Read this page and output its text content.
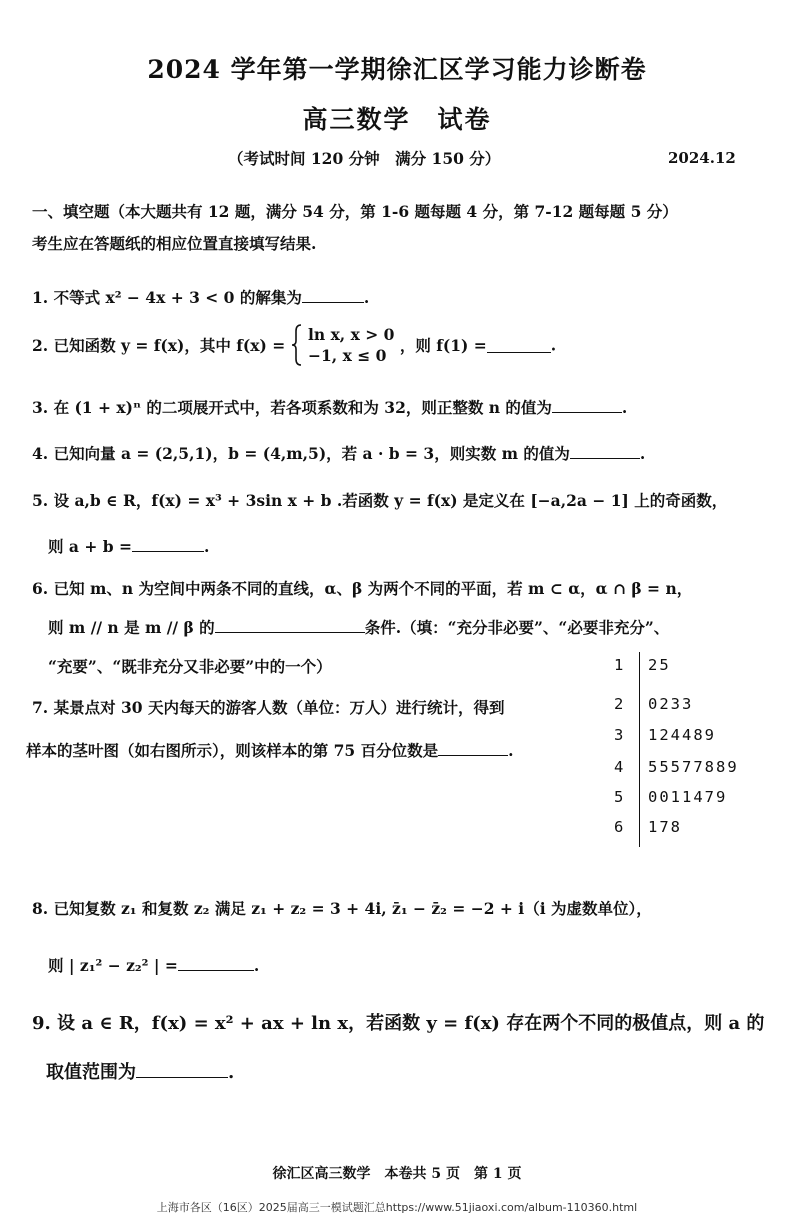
2024 学年第一学期徐汇区学习能力诊断卷
高三数学　试卷
（考试时间 120 分钟　满分 150 分）	2024.12
一、填空题（本大题共有 12 题，满分 54 分，第 1-6 题每题 4 分，第 7-12 题每题 5 分）
考生应在答题纸的相应位置直接填写结果.
1. 不等式 x² − 4x + 3 < 0 的解集为	.
2. 已知函数 y = f(x)，其中 f(x) =  ln x, x > 0
−1, x ≤ 0 ，则 f(1) =	.
3. 在 (1 + x)ⁿ 的二项展开式中，若各项系数和为 32，则正整数 n 的值为	.
4. 已知向量 a = (2,5,1)，b = (4,m,5)，若 a · b = 3，则实数 m 的值为	.
5. 设 a,b ∈ R，f(x) = x³ + 3sin x + b .若函数 y = f(x) 是定义在 [−a,2a − 1] 上的奇函数，
则 a + b =	.
6. 已知 m、n 为空间中两条不同的直线，α、β 为两个不同的平面，若 m ⊂ α，α ∩ β = n，
则 m // n 是 m // β 的	条件.（填：“充分非必要”、“必要非充分”、
“充要”、“既非充分又非必要”中的一个）
7. 某景点对 30 天内每天的游客人数（单位：万人）进行统计，得到
样本的茎叶图（如右图所示），则该样本的第 75 百分位数是	.
1 25
2 0233
3 124489
4 55577889
5 0011479
6 178
8. 已知复数 z₁ 和复数 z₂ 满足 z₁ + z₂ = 3 + 4i, z̄₁ − z̄₂ = −2 + i（i 为虚数单位），
则 | z₁² − z₂² | =	.
9. 设 a ∈ R，f(x) = x² + ax + ln x，若函数 y = f(x) 存在两个不同的极值点，则 a 的
取值范围为	.
徐汇区高三数学　本卷共 5 页　第 1 页
上海市各区（16区）2025届高三一模试题汇总https://www.51jiaoxi.com/album-110360.html
